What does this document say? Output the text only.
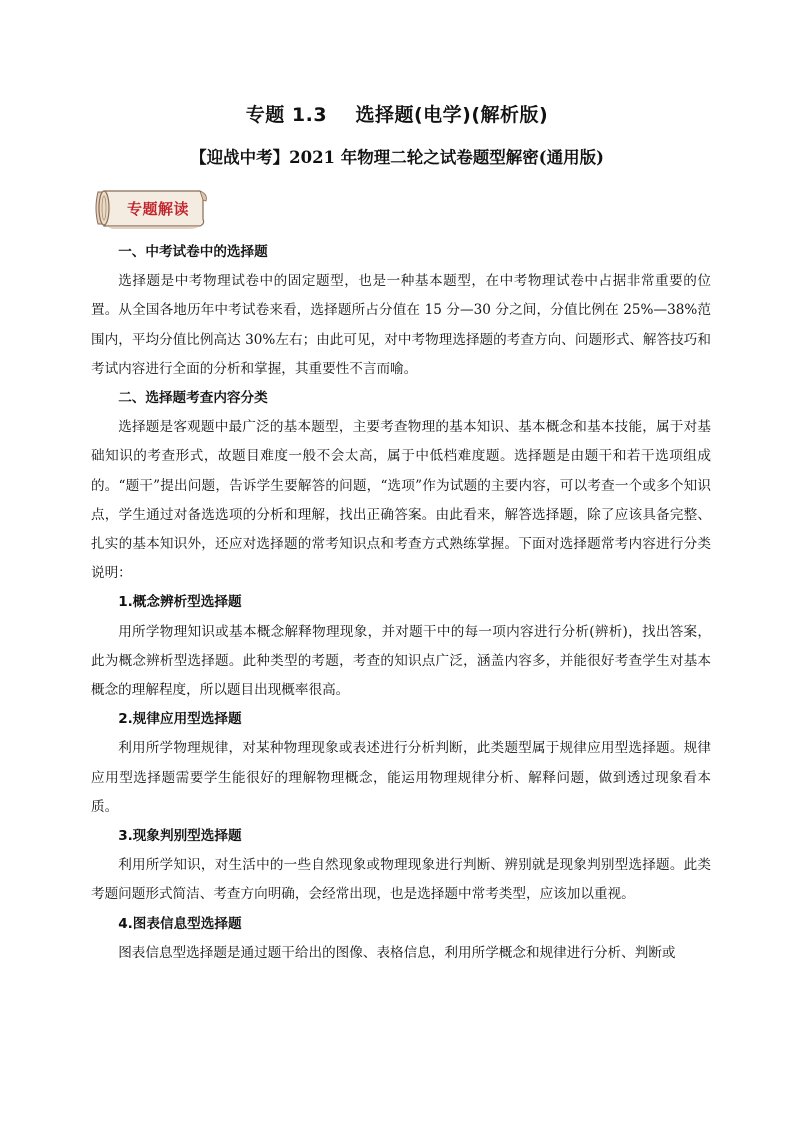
专题 1.3    选择题(电学)(解析版)
【迎战中考】2021 年物理二轮之试卷题型解密(通用版)
专题解读
一、中考试卷中的选择题

选择题是中考物理试卷中的固定题型，也是一种基本题型，在中考物理试卷中占据非常重要的位置。从全国各地历年中考试卷来看，选择题所占分值在 15 分—30 分之间，分值比例在 25%—38%范围内，平均分值比例高达 30%左右；由此可见，对中考物理选择题的考查方向、问题形式、解答技巧和考试内容进行全面的分析和掌握，其重要性不言而喻。

二、选择题考查内容分类

选择题是客观题中最广泛的基本题型，主要考查物理的基本知识、基本概念和基本技能，属于对基础知识的考查形式，故题目难度一般不会太高，属于中低档难度题。选择题是由题干和若干选项组成的。“题干”提出问题，告诉学生要解答的问题，“选项”作为试题的主要内容，可以考查一个或多个知识点，学生通过对备选选项的分析和理解，找出正确答案。由此看来，解答选择题，除了应该具备完整、扎实的基本知识外，还应对选择题的常考知识点和考查方式熟练掌握。下面对选择题常考内容进行分类说明：

1.概念辨析型选择题

用所学物理知识或基本概念解释物理现象，并对题干中的每一项内容进行分析(辨析)，找出答案，此为概念辨析型选择题。此种类型的考题，考查的知识点广泛，涵盖内容多，并能很好考查学生对基本概念的理解程度，所以题目出现概率很高。

2.规律应用型选择题

利用所学物理规律，对某种物理现象或表述进行分析判断，此类题型属于规律应用型选择题。规律应用型选择题需要学生能很好的理解物理概念，能运用物理规律分析、解释问题，做到透过现象看本质。

3.现象判别型选择题

利用所学知识，对生活中的一些自然现象或物理现象进行判断、辨别就是现象判别型选择题。此类考题问题形式简洁、考查方向明确，会经常出现，也是选择题中常考类型，应该加以重视。

4.图表信息型选择题

图表信息型选择题是通过题干给出的图像、表格信息，利用所学概念和规律进行分析、判断或
